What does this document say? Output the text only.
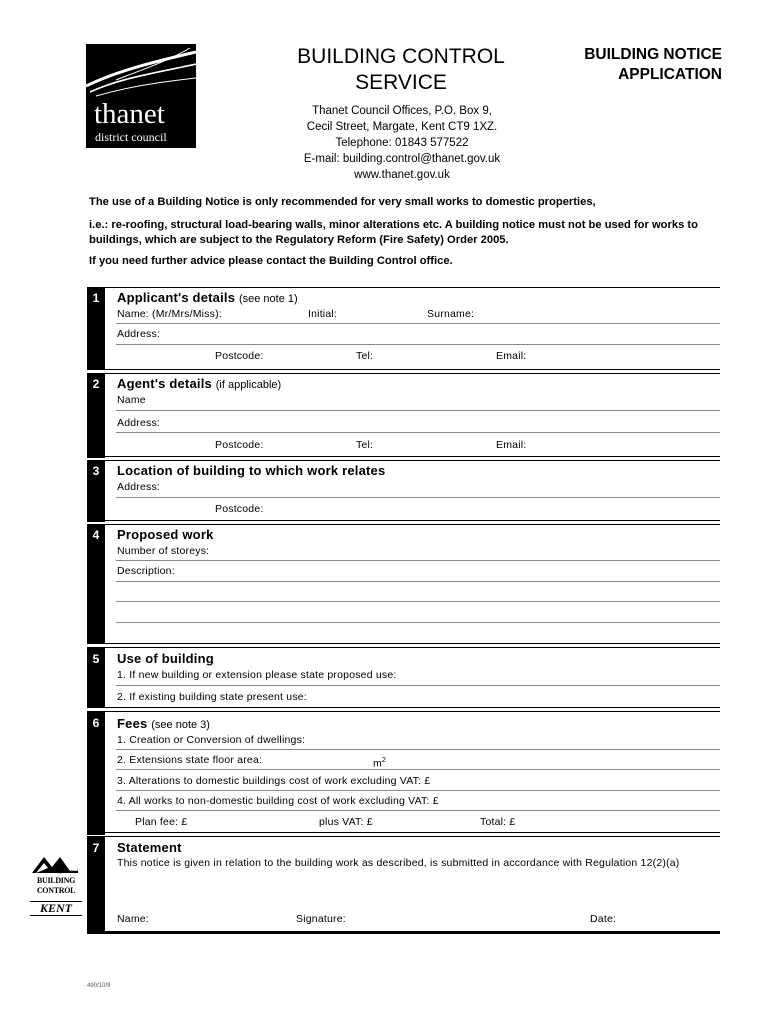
thanet
district council
BUILDING CONTROL
SERVICE
BUILDING NOTICE
APPLICATION
Thanet Council Offices, P.O. Box 9,
Cecil Street, Margate, Kent CT9 1XZ.
Telephone: 01843 577522
E-mail: building.control@thanet.gov.uk
www.thanet.gov.uk
The use of a Building Notice is only recommended for very small works to domestic properties,
i.e.: re-roofing, structural load-bearing walls, minor alterations etc. A building notice must not be used for works to buildings, which are subject to the Regulatory Reform (Fire Safety) Order 2005.
If you need further advice please contact the Building Control office.
1	Applicant's details (see note 1)
Name: (Mr/Mrs/Miss):	Initial:	Surname:
Address:
Postcode:	Tel:	Email:
2	Agent's details (if applicable)
Name
Address:
Postcode:	Tel:	Email:
3	Location of building to which work relates
Address:
Postcode:
4	Proposed work
Number of storeys:
Description:
5	Use of building
1. If new building or extension please state proposed use:
2. If existing building state present use:
6	Fees (see note 3)
1. Creation or Conversion of dwellings:
2. Extensions state floor area:	$m^2$
3. Alterations to domestic buildings cost of work excluding VAT: £
4. All works to non-domestic building cost of work excluding VAT: £
Plan fee: £	plus VAT: £	Total: £
7	Statement
This notice is given in relation to the building work as described, is submitted in accordance with Regulation 12(2)(a)
Name:	Signature:	Date:
Building Control
BUILDING CONTROL
KENT
490/10/9
